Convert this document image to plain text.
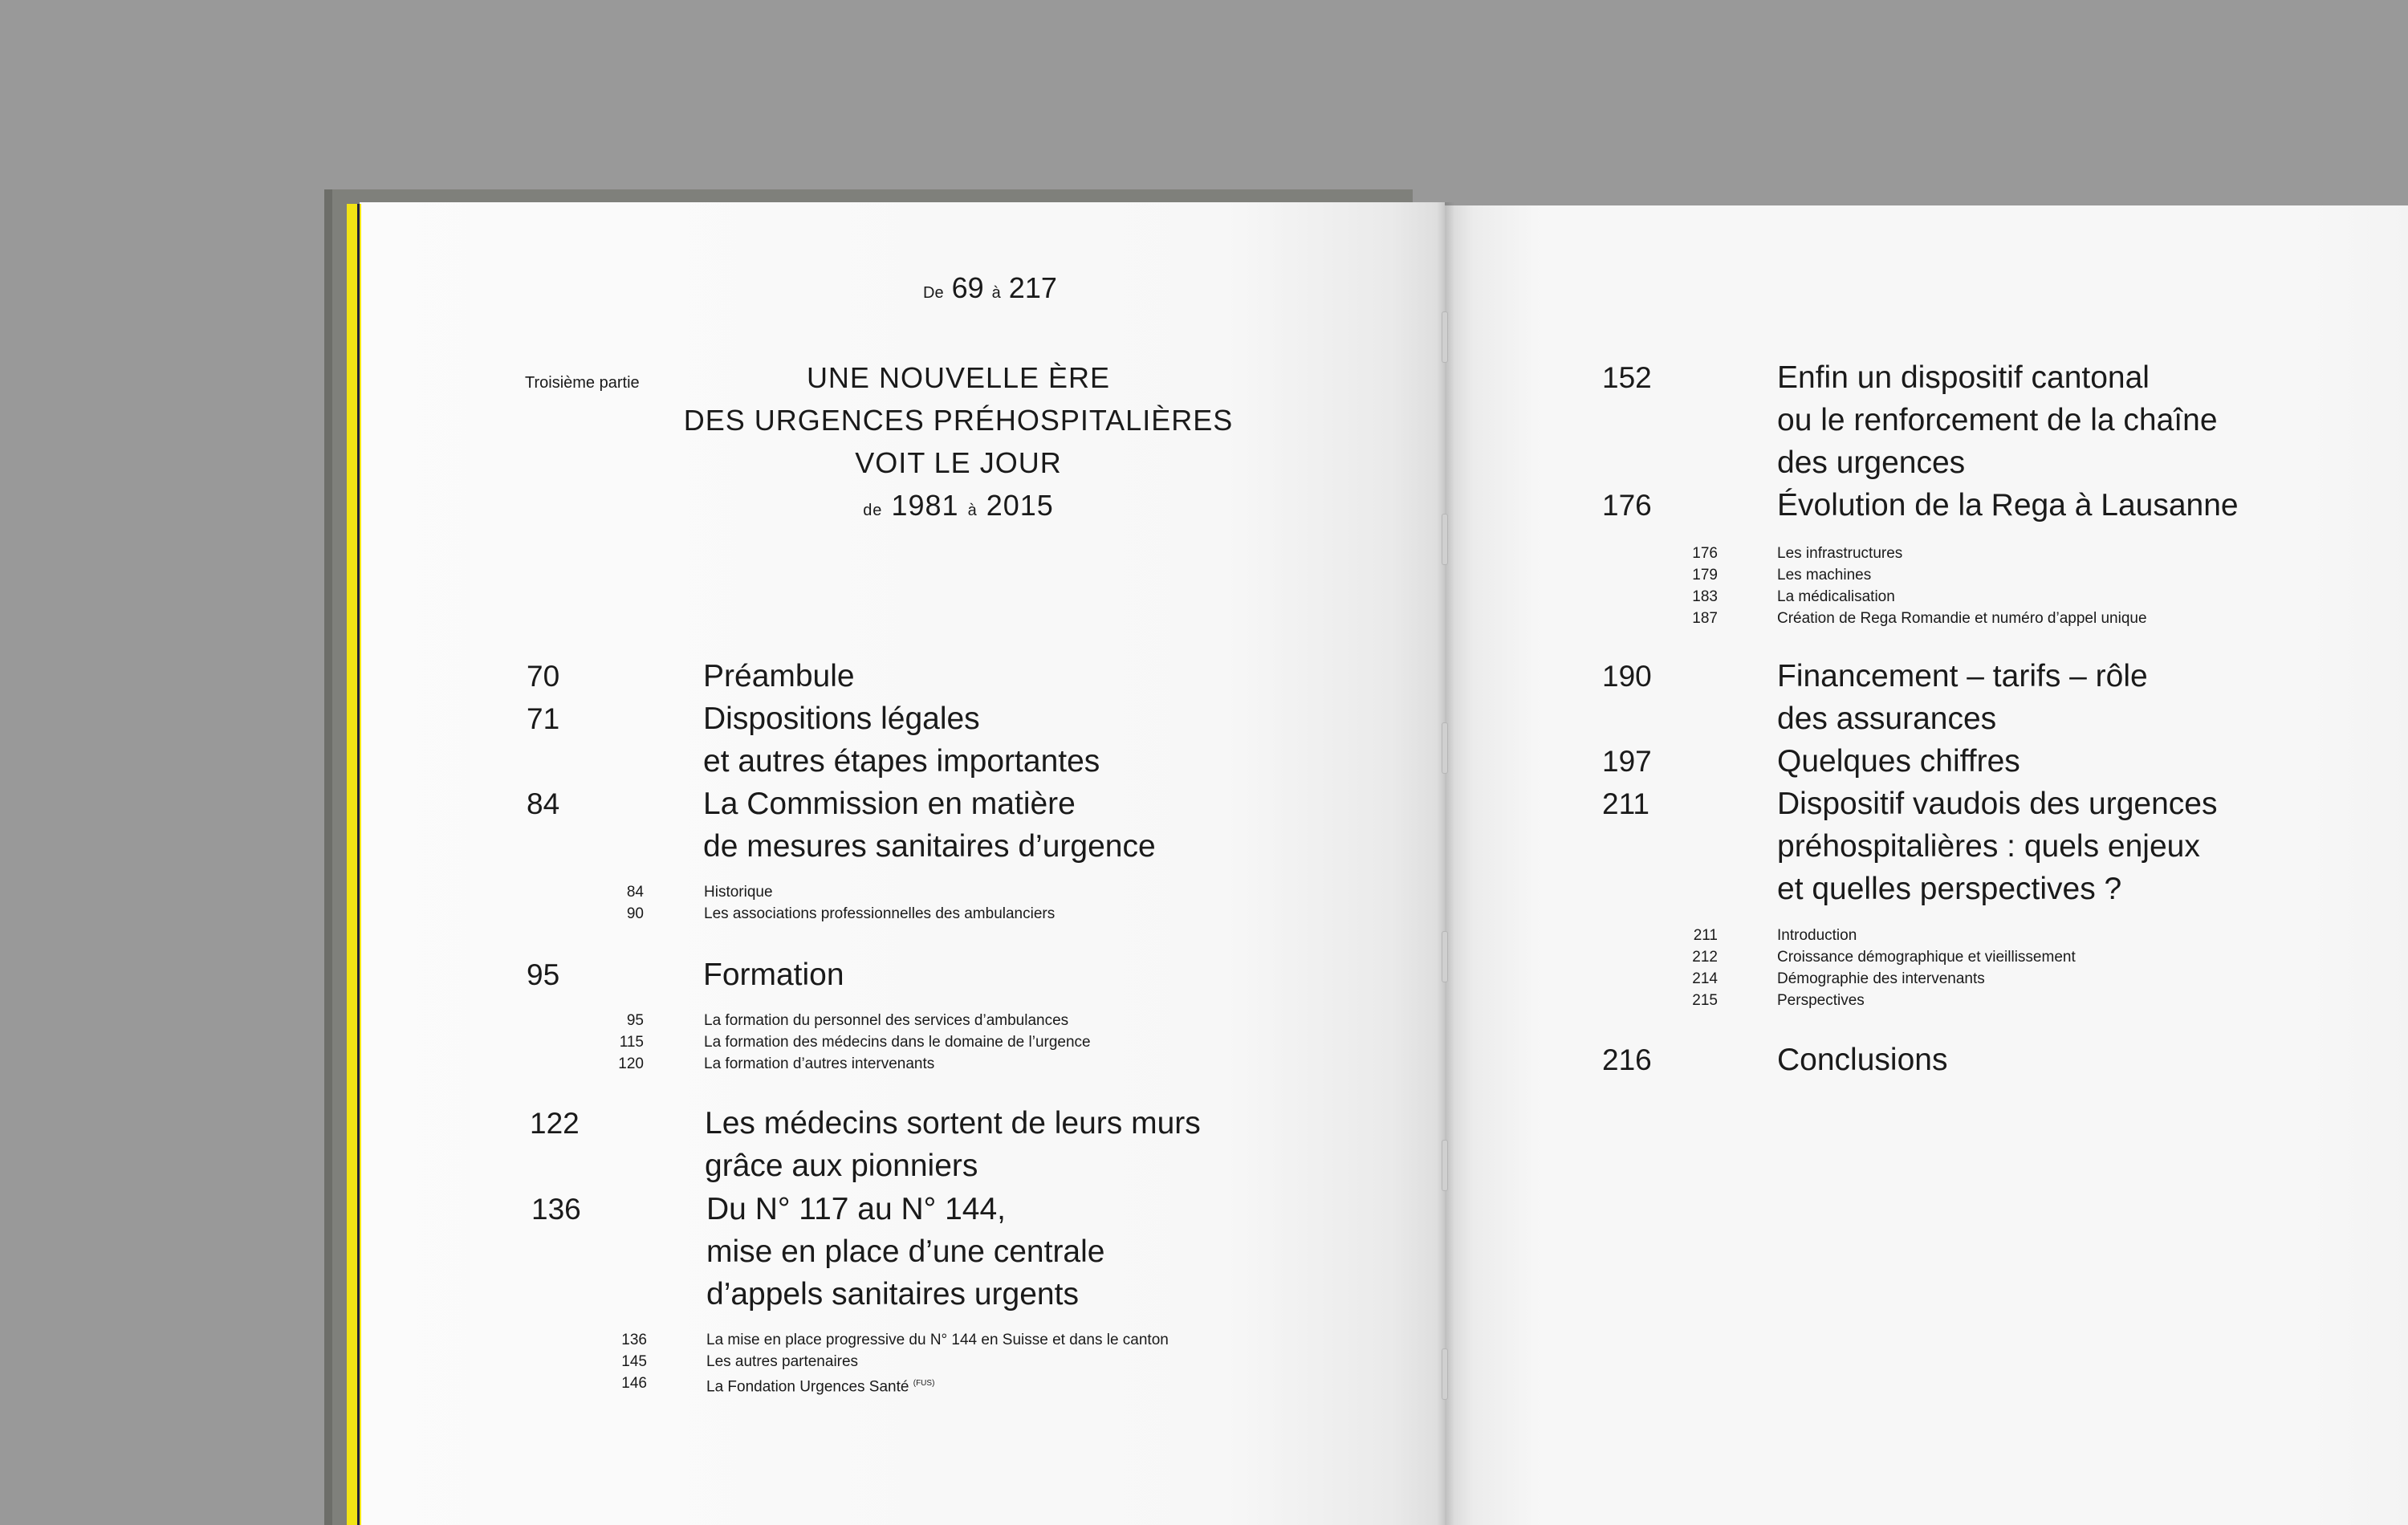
De 69 à 217
Troisième partie	UNE NOUVELLE ÈRE
DES URGENCES PRÉHOSPITALIÈRES
VOIT LE JOUR
de 1981 à 2015
70	Préambule
71	Dispositions légales
et autres étapes importantes
84	La Commission en matière
de mesures sanitaires d’urgence
84	Historique
90	Les associations professionnelles des ambulanciers
95	Formation
95	La formation du personnel des services d’ambulances
115	La formation des médecins dans le domaine de l’urgence
120	La formation d’autres intervenants
122	Les médecins sortent de leurs murs
grâce aux pionniers
136	Du N° 117 au N° 144,
mise en place d’une centrale
d’appels sanitaires urgents
136	La mise en place progressive du N° 144 en Suisse et dans le canton
145	Les autres partenaires
146	La Fondation Urgences Santé $^{(FUS)}$
152	Enfin un dispositif cantonal
ou le renforcement de la chaîne
des urgences
176	Évolution de la Rega à Lausanne
176	Les infrastructures
179	Les machines
183	La médicalisation
187	Création de Rega Romandie et numéro d’appel unique
190	Financement – tarifs – rôle
des assurances
197	Quelques chiffres
211	Dispositif vaudois des urgences
préhospitalières : quels enjeux
et quelles perspectives ?
211	Introduction
212	Croissance démographique et vieillissement
214	Démographie des intervenants
215	Perspectives
216	Conclusions
